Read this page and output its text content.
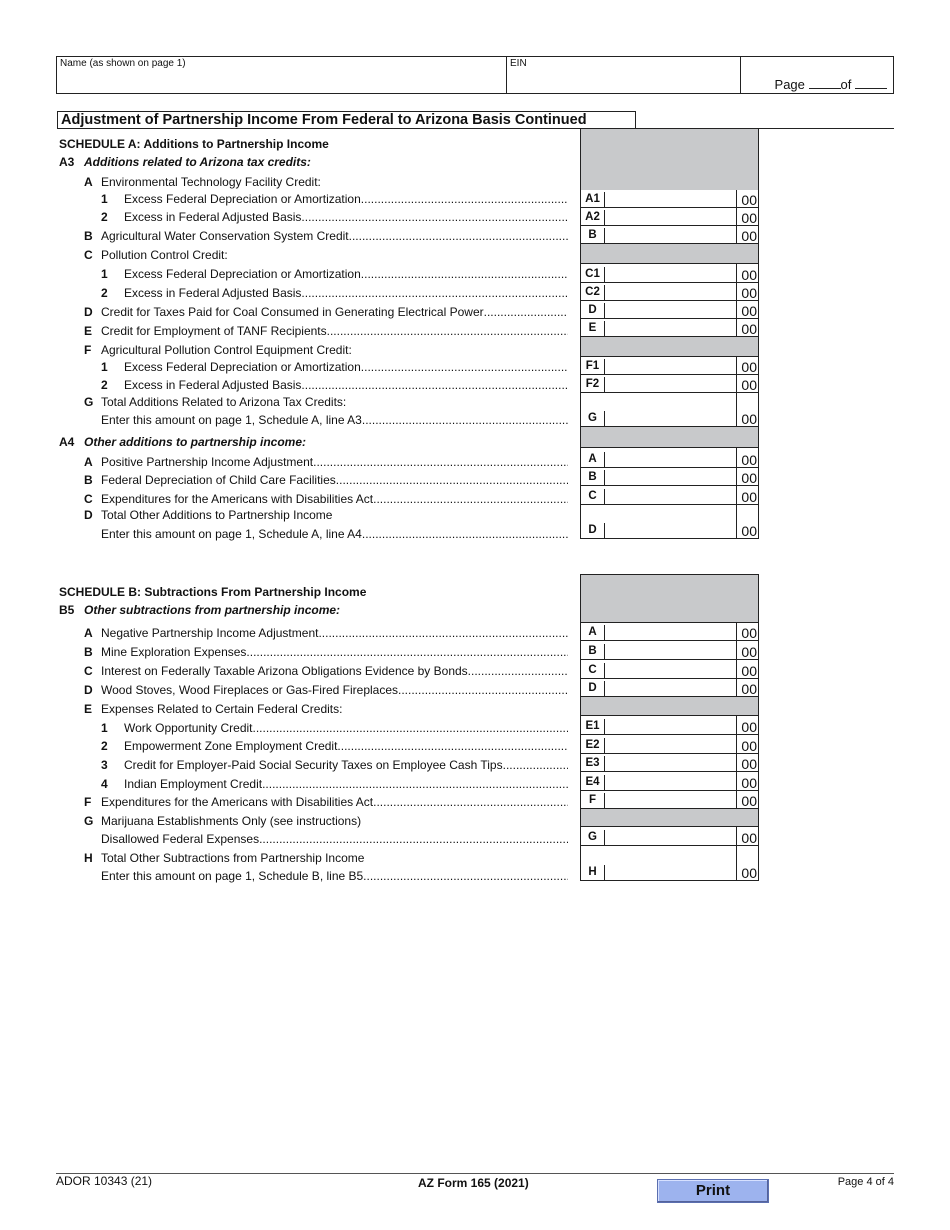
Name (as shown on page 1)	EIN
Page	of
Adjustment of Partnership Income From Federal to Arizona Basis Continued
SCHEDULE A: Additions to Partnership Income
A3 Additions related to Arizona tax credits:
A Environmental Technology Facility Credit:
1	Excess Federal Depreciation or Amortization .....	A1	00
2	Excess in Federal Adjusted Basis .....	A2	00
B Agricultural Water Conservation System Credit .....	B	00
C Pollution Control Credit:
1	Excess Federal Depreciation or Amortization .....	C1	00
2	Excess in Federal Adjusted Basis .....	C2	00
D Credit for Taxes Paid for Coal Consumed in Generating Electrical Power .....	D	00
E Credit for Employment of TANF Recipients .....	E	00
F Agricultural Pollution Control Equipment Credit:
1	Excess Federal Depreciation or Amortization .....	F1	00
2	Excess in Federal Adjusted Basis .....	F2	00
G Total Additions Related to Arizona Tax Credits:
Enter this amount on page 1, Schedule A, line A3 .....	G	00
A4 Other additions to partnership income:
A Positive Partnership Income Adjustment .....	A	00
B Federal Depreciation of Child Care Facilities .....	B	00
C Expenditures for the Americans with Disabilities Act .....	C	00
D Total Other Additions to Partnership Income
Enter this amount on page 1, Schedule A, line A4 .....	D	00
SCHEDULE B: Subtractions From Partnership Income
B5 Other subtractions from partnership income:
A Negative Partnership Income Adjustment .....	A	00
B Mine Exploration Expenses .....	B	00
C Interest on Federally Taxable Arizona Obligations Evidence by Bonds .....	C	00
D Wood Stoves, Wood Fireplaces or Gas-Fired Fireplaces .....	D	00
E Expenses Related to Certain Federal Credits:
1	Work Opportunity Credit .....	E1	00
2	Empowerment Zone Employment Credit .....	E2	00
3	Credit for Employer-Paid Social Security Taxes on Employee Cash Tips .....	E3	00
4	Indian Employment Credit .....	E4	00
F Expenditures for the Americans with Disabilities Act .....	F	00
G Marijuana Establishments Only (see instructions)
Disallowed Federal Expenses .....	G	00
H Total Other Subtractions from Partnership Income
Enter this amount on page 1, Schedule B, line B5 .....	H	00
ADOR 10343 (21)	AZ Form 165 (2021)	Print	Page 4 of 4
